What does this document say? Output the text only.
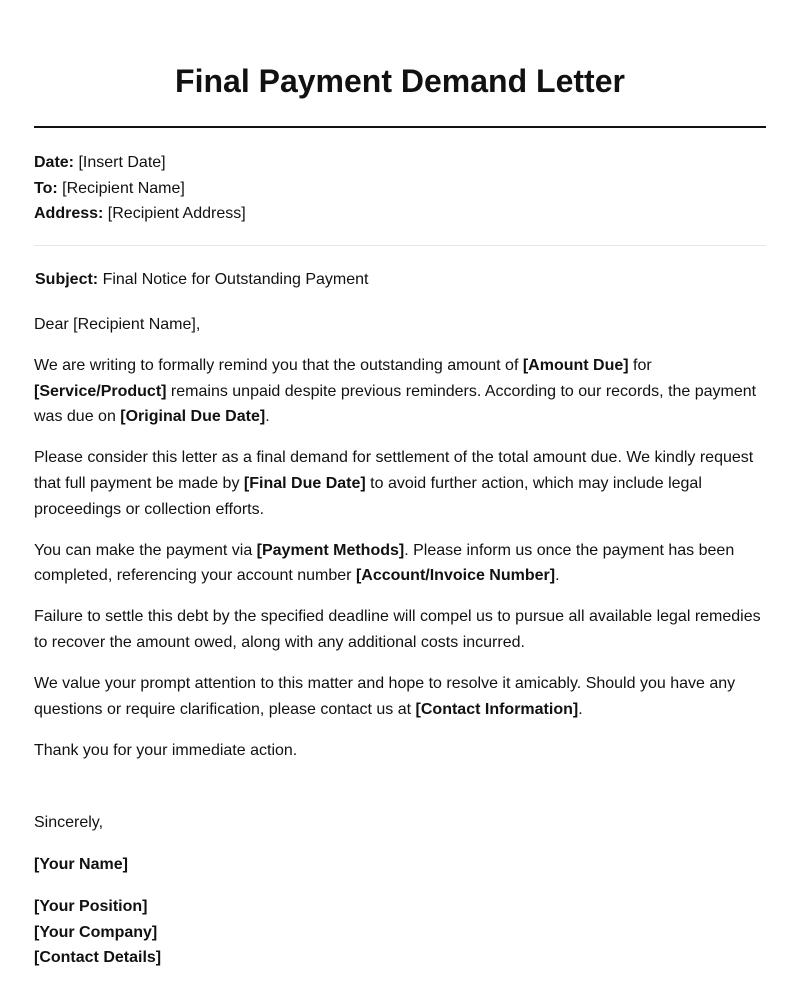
Final Payment Demand Letter
Date: [Insert Date]
To: [Recipient Name]
Address: [Recipient Address]
Subject: Final Notice for Outstanding Payment

Dear [Recipient Name],

We are writing to formally remind you that the outstanding amount of [Amount Due] for [Service/Product] remains unpaid despite previous reminders. According to our records, the payment was due on [Original Due Date].

Please consider this letter as a final demand for settlement of the total amount due. We kindly request that full payment be made by [Final Due Date] to avoid further action, which may include legal proceedings or collection efforts.

You can make the payment via [Payment Methods]. Please inform us once the payment has been completed, referencing your account number [Account/Invoice Number].

Failure to settle this debt by the specified deadline will compel us to pursue all available legal remedies to recover the amount owed, along with any additional costs incurred.

We value your prompt attention to this matter and hope to resolve it amicably. Should you have any questions or require clarification, please contact us at [Contact Information].

Thank you for your immediate action.

Sincerely,
[Your Name]
[Your Position]
[Your Company]
[Contact Details]
